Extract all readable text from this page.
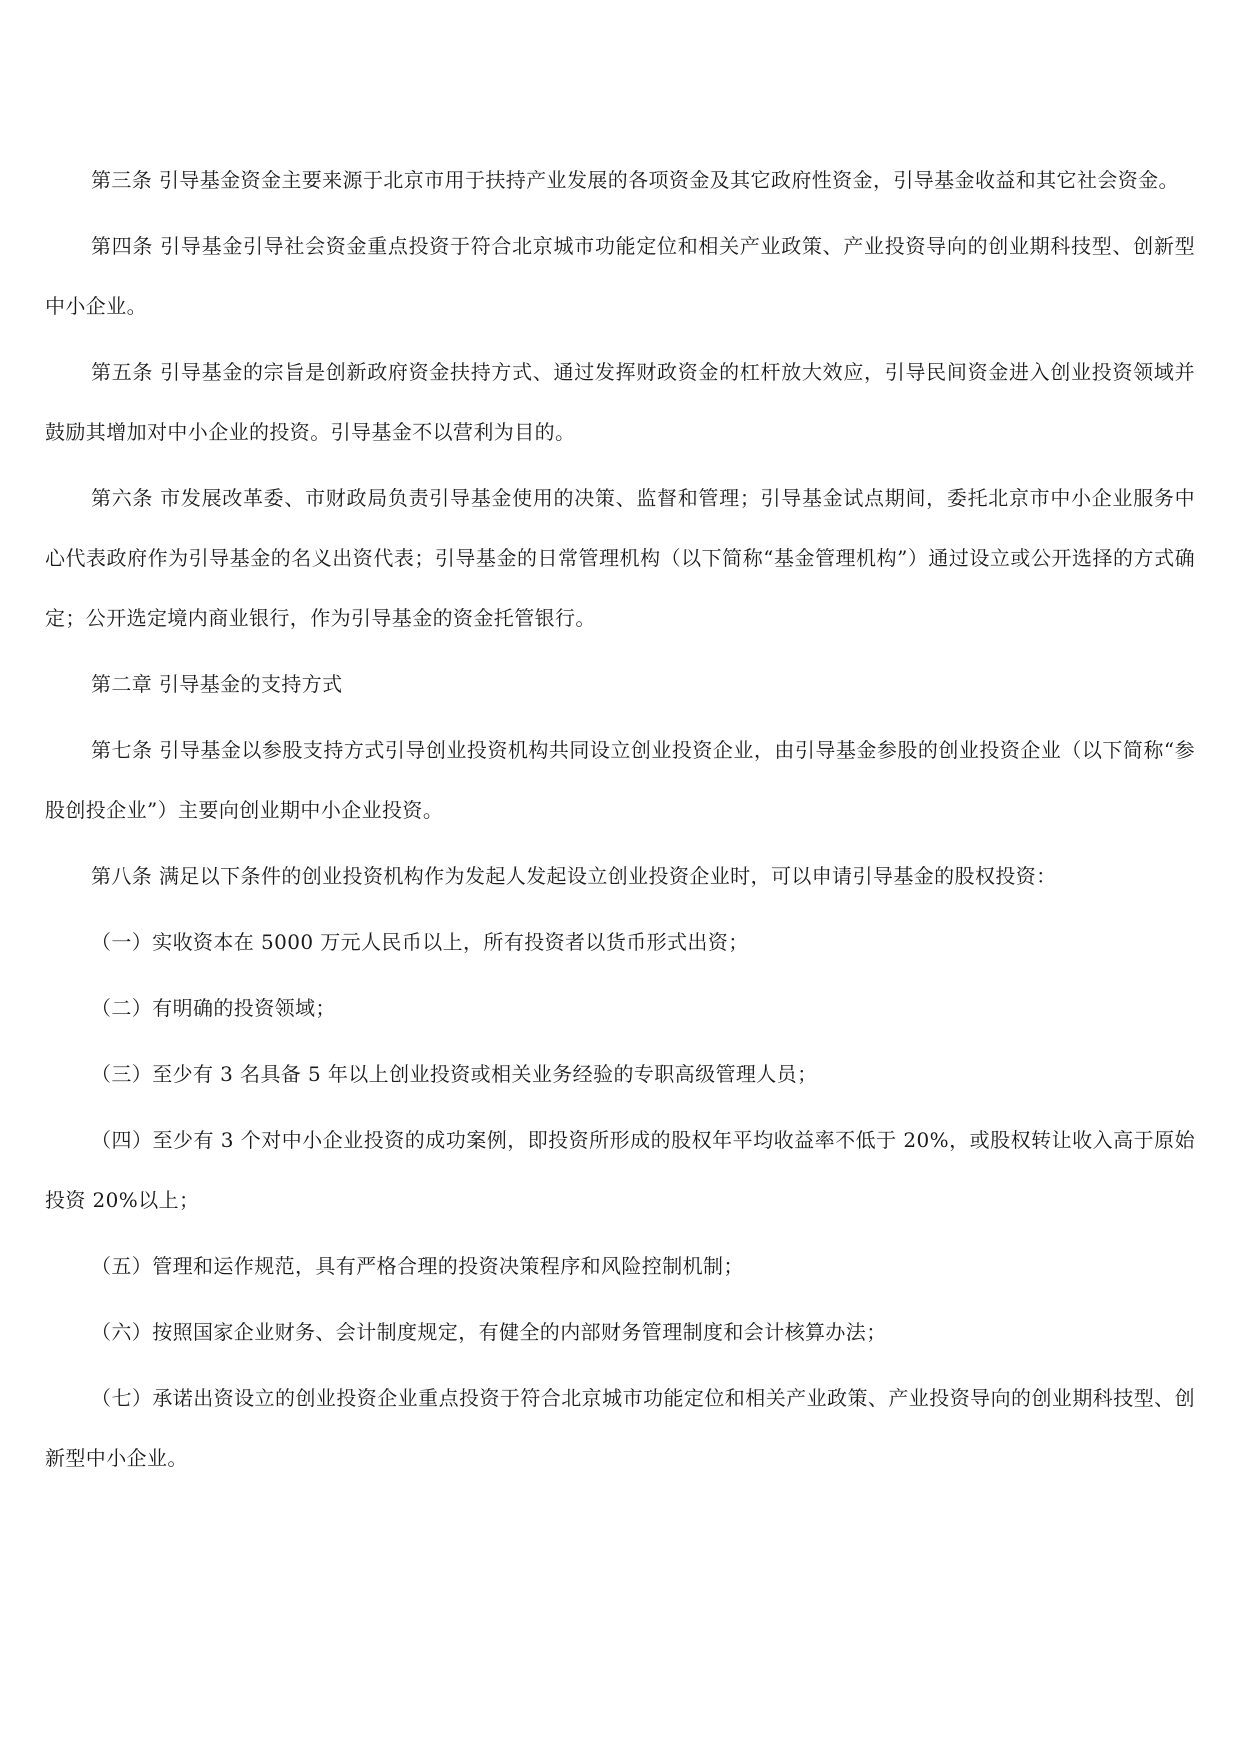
第三条 引导基金资金主要来源于北京市用于扶持产业发展的各项资金及其它政府性资金，引导基金收益和其它社会资金。

第四条 引导基金引导社会资金重点投资于符合北京城市功能定位和相关产业政策、产业投资导向的创业期科技型、创新型中小企业。

第五条 引导基金的宗旨是创新政府资金扶持方式、通过发挥财政资金的杠杆放大效应，引导民间资金进入创业投资领域并鼓励其增加对中小企业的投资。引导基金不以营利为目的。

第六条 市发展改革委、市财政局负责引导基金使用的决策、监督和管理；引导基金试点期间，委托北京市中小企业服务中心代表政府作为引导基金的名义出资代表；引导基金的日常管理机构（以下简称“基金管理机构”）通过设立或公开选择的方式确定；公开选定境内商业银行，作为引导基金的资金托管银行。

第二章 引导基金的支持方式

第七条 引导基金以参股支持方式引导创业投资机构共同设立创业投资企业，由引导基金参股的创业投资企业（以下简称“参股创投企业”）主要向创业期中小企业投资。

第八条 满足以下条件的创业投资机构作为发起人发起设立创业投资企业时，可以申请引导基金的股权投资：

（一）实收资本在 5000 万元人民币以上，所有投资者以货币形式出资；

（二）有明确的投资领域；

（三）至少有 3 名具备 5 年以上创业投资或相关业务经验的专职高级管理人员；

（四）至少有 3 个对中小企业投资的成功案例，即投资所形成的股权年平均收益率不低于 20%，或股权转让收入高于原始投资 20%以上；

（五）管理和运作规范，具有严格合理的投资决策程序和风险控制机制；

（六）按照国家企业财务、会计制度规定，有健全的内部财务管理制度和会计核算办法；

（七）承诺出资设立的创业投资企业重点投资于符合北京城市功能定位和相关产业政策、产业投资导向的创业期科技型、创新型中小企业。
